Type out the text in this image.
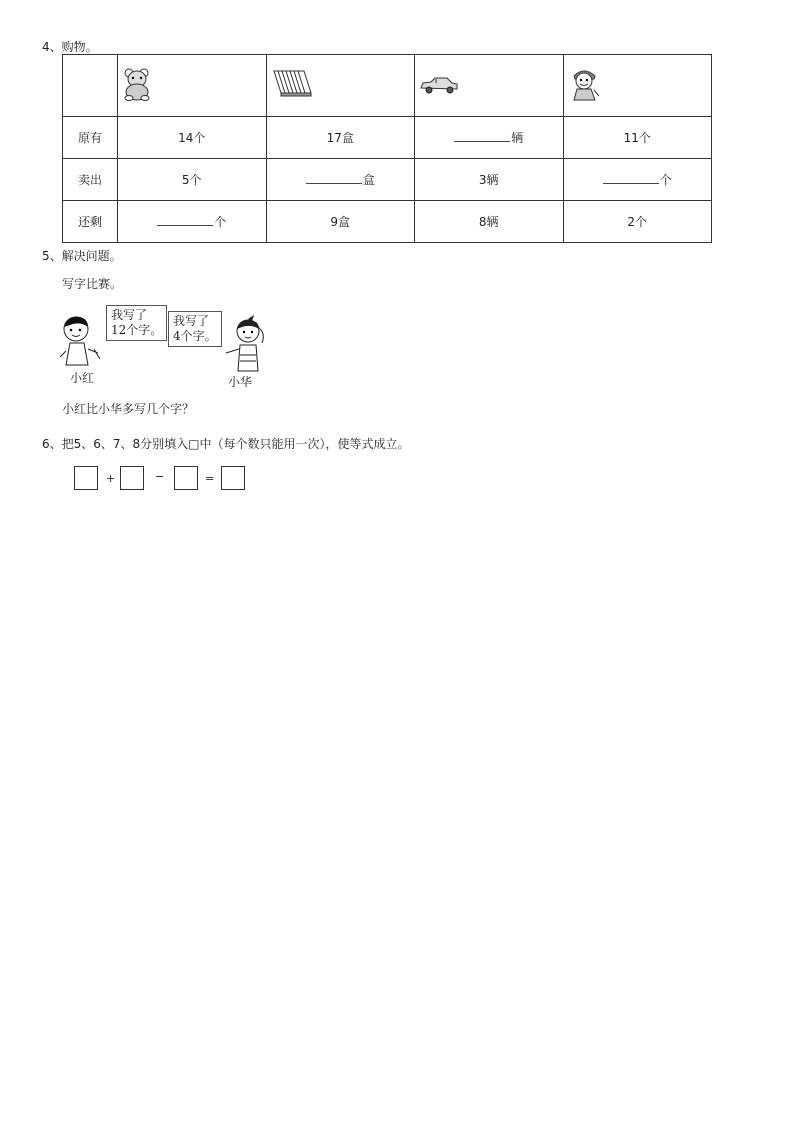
4、购物。

原有	14个	17盒	辆	11个
卖出	5个	盒	3辆	个
还剩	个	9盒	8辆	2个
5、解决问题。
写字比赛。
我写了
12个字。
小红
我写了
4个字。
小华
小红比小华多写几个字？
6、把5、6、7、8分别填入□中（每个数只能用一次），使等式成立。
+	−	=
